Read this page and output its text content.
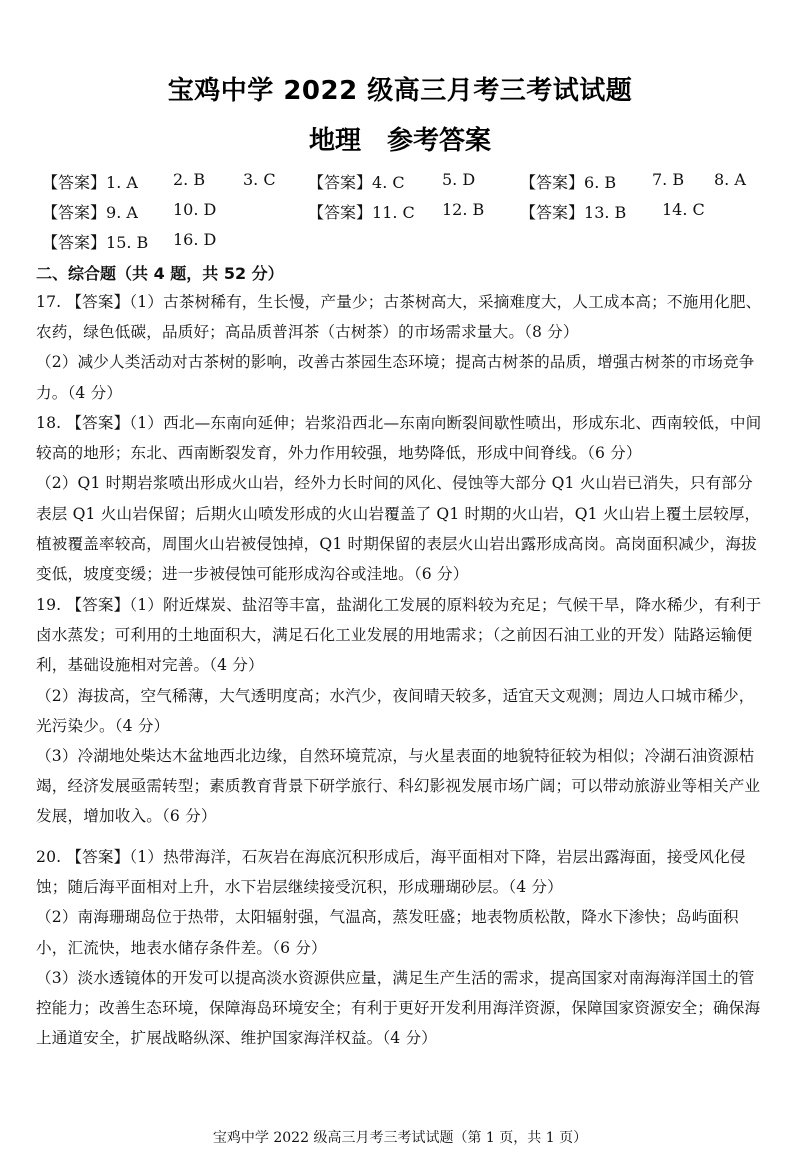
宝鸡中学 2022 级高三月考三考试试题
地理 参考答案
【答案】1. A 2. B 3. C 【答案】4. C 5. D	【答案】6. B 7. B 8. A
【答案】9. A 10. D	【答案】11. C 12. B 【答案】13. B 14. C
【答案】15. B 16. D
二、综合题（共 4 题，共 52 分）

17. 【答案】（1）古茶树稀有，生长慢，产量少；古茶树高大，采摘难度大，人工成本高；不施用化肥、农药，绿色低碳，品质好；高品质普洱茶（古树茶）的市场需求量大。（8 分）

（2）减少人类活动对古茶树的影响，改善古茶园生态环境；提高古树茶的品质，增强古树茶的市场竞争力。（4 分）

18. 【答案】（1）西北—东南向延伸；岩浆沿西北—东南向断裂间歇性喷出，形成东北、西南较低，中间较高的地形；东北、西南断裂发育，外力作用较强，地势降低，形成中间脊线。（6 分）

（2）Q1 时期岩浆喷出形成火山岩，经外力长时间的风化、侵蚀等大部分 Q1 火山岩已消失，只有部分表层 Q1 火山岩保留；后期火山喷发形成的火山岩覆盖了 Q1 时期的火山岩，Q1 火山岩上覆土层较厚，植被覆盖率较高，周围火山岩被侵蚀掉，Q1 时期保留的表层火山岩出露形成高岗。高岗面积减少，海拔变低，坡度变缓；进一步被侵蚀可能形成沟谷或洼地。（6 分）

19. 【答案】（1）附近煤炭、盐沼等丰富，盐湖化工发展的原料较为充足；气候干旱，降水稀少，有利于卤水蒸发；可利用的土地面积大，满足石化工业发展的用地需求；（之前因石油工业的开发）陆路运输便利，基础设施相对完善。（4 分）

（2）海拔高，空气稀薄，大气透明度高；水汽少，夜间晴天较多，适宜天文观测；周边人口城市稀少，光污染少。（4 分）

（3）冷湖地处柴达木盆地西北边缘，自然环境荒凉，与火星表面的地貌特征较为相似；冷湖石油资源枯竭，经济发展亟需转型；素质教育背景下研学旅行、科幻影视发展市场广阔；可以带动旅游业等相关产业发展，增加收入。（6 分）

20. 【答案】（1）热带海洋，石灰岩在海底沉积形成后，海平面相对下降，岩层出露海面，接受风化侵蚀；随后海平面相对上升，水下岩层继续接受沉积，形成珊瑚砂层。（4 分）

（2）南海珊瑚岛位于热带，太阳辐射强，气温高，蒸发旺盛；地表物质松散，降水下渗快；岛屿面积小，汇流快，地表水储存条件差。（6 分）

（3）淡水透镜体的开发可以提高淡水资源供应量，满足生产生活的需求，提高国家对南海海洋国土的管控能力；改善生态环境，保障海岛环境安全；有利于更好开发利用海洋资源，保障国家资源安全；确保海上通道安全，扩展战略纵深、维护国家海洋权益。（4 分）

宝鸡中学 2022 级高三月考三考试试题（第 1 页，共 1 页）
